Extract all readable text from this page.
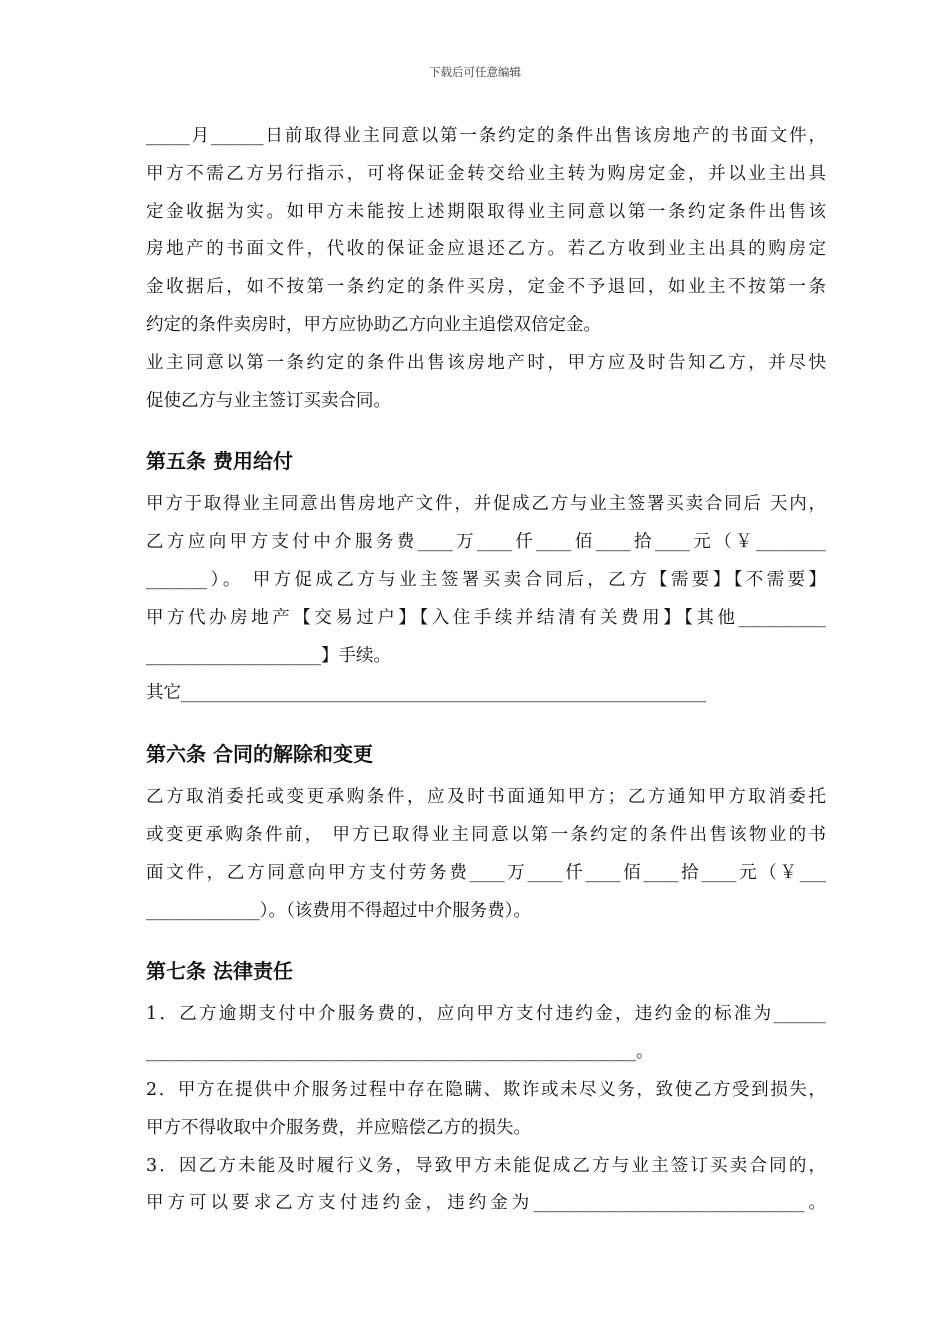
下载后可任意编辑
_____月______日前取得业主同意以第一条约定的条件出售该房地产的书面文件，
甲方不需乙方另行指示，可将保证金转交给业主转为购房定金，并以业主出具
定金收据为实。如甲方未能按上述期限取得业主同意以第一条约定条件出售该
房地产的书面文件，代收的保证金应退还乙方。若乙方收到业主出具的购房定
金收据后，如不按第一条约定的条件买房，定金不予退回，如业主不按第一条
约定的条件卖房时，甲方应协助乙方向业主追偿双倍定金。
业主同意以第一条约定的条件出售该房地产时，甲方应及时告知乙方，并尽快
促使乙方与业主签订买卖合同。
第五条 费用给付
甲方于取得业主同意出售房地产文件，并促成乙方与业主签署买卖合同后 天内，
乙方应向甲方支付中介服务费____万____仟____佰____拾____元（￥________
_______）。 甲方促成乙方与业主签署买卖合同后，乙方【需要】【不需要】
甲方代办房地产【交易过户】【入住手续并结清有关费用】【其他__________
____________________】手续。
其它____________________________________________________________
第六条 合同的解除和变更
乙方取消委托或变更承购条件，应及时书面通知甲方；乙方通知甲方取消委托
或变更承购条件前， 甲方已取得业主同意以第一条约定的条件出售该物业的书
面文件，乙方同意向甲方支付劳务费____万____仟____佰____拾____元（￥___
_____________）。（该费用不得超过中介服务费）。
第七条 法律责任
1．乙方逾期支付中介服务费的，应向甲方支付违约金，违约金的标准为______
________________________________________________________。
2．甲方在提供中介服务过程中存在隐瞒、欺诈或未尽义务，致使乙方受到损失，
甲方不得收取中介服务费，并应赔偿乙方的损失。
3．因乙方未能及时履行义务，导致甲方未能促成乙方与业主签订买卖合同的，
甲方可以要求乙方支付违约金，违约金为_______________________________。
